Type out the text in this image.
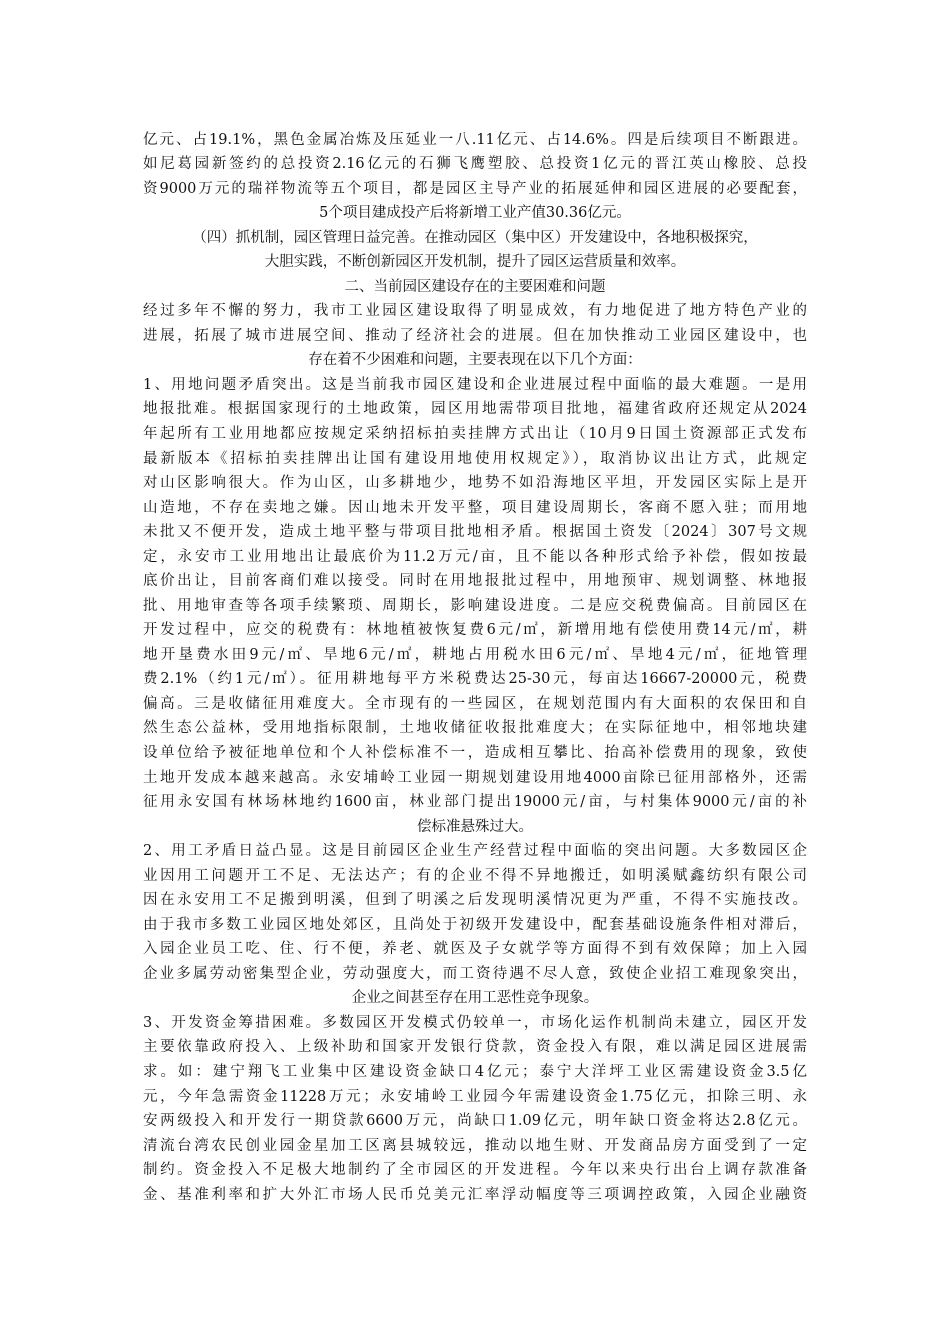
亿元、占19.1%，黑色金属冶炼及压延业一八.11亿元、占14.6%。四是后续项目不断跟进。
如尼葛园新签约的总投资2.16亿元的石狮飞鹰塑胶、总投资1亿元的晋江英山橡胶、总投
资9000万元的瑞祥物流等五个项目，都是园区主导产业的拓展延伸和园区进展的必要配套，
5个项目建成投产后将新增工业产值30.36亿元。
（四）抓机制，园区管理日益完善。在推动园区（集中区）开发建设中，各地积极探究，
大胆实践，不断创新园区开发机制，提升了园区运营质量和效率。
二、当前园区建设存在的主要困难和问题
经过多年不懈的努力，我市工业园区建设取得了明显成效，有力地促进了地方特色产业的
进展，拓展了城市进展空间、推动了经济社会的进展。但在加快推动工业园区建设中，也
存在着不少困难和问题，主要表现在以下几个方面：
1、用地问题矛盾突出。这是当前我市园区建设和企业进展过程中面临的最大难题。一是用
地报批难。根据国家现行的土地政策，园区用地需带项目批地，福建省政府还规定从2024
年起所有工业用地都应按规定采纳招标拍卖挂牌方式出让（10月9日国土资源部正式发布
最新版本《招标拍卖挂牌出让国有建设用地使用权规定》），取消协议出让方式，此规定
对山区影响很大。作为山区，山多耕地少，地势不如沿海地区平坦，开发园区实际上是开
山造地，不存在卖地之嫌。因山地未开发平整，项目建设周期长，客商不愿入驻；而用地
未批又不便开发，造成土地平整与带项目批地相矛盾。根据国土资发〔2024〕307号文规
定，永安市工业用地出让最底价为11.2万元/亩，且不能以各种形式给予补偿，假如按最
底价出让，目前客商们难以接受。同时在用地报批过程中，用地预审、规划调整、林地报
批、用地审查等各项手续繁琐、周期长，影响建设进度。二是应交税费偏高。目前园区在
开发过程中，应交的税费有：林地植被恢复费6元/㎡，新增用地有偿使用费14元/㎡，耕
地开垦费水田9元/㎡、旱地6元/㎡，耕地占用税水田6元/㎡、旱地4元/㎡，征地管理
费2.1%（约1元/㎡）。征用耕地每平方米税费达25-30元，每亩达16667-20000元，税费
偏高。三是收储征用难度大。全市现有的一些园区，在规划范围内有大面积的农保田和自
然生态公益林，受用地指标限制，土地收储征收报批难度大；在实际征地中，相邻地块建
设单位给予被征地单位和个人补偿标准不一，造成相互攀比、抬高补偿费用的现象，致使
土地开发成本越来越高。永安埔岭工业园一期规划建设用地4000亩除已征用部格外，还需
征用永安国有林场林地约1600亩，林业部门提出19000元/亩，与村集体9000元/亩的补
偿标准悬殊过大。
2、用工矛盾日益凸显。这是目前园区企业生产经营过程中面临的突出问题。大多数园区企
业因用工问题开工不足、无法达产；有的企业不得不异地搬迁，如明溪赋鑫纺织有限公司
因在永安用工不足搬到明溪，但到了明溪之后发现明溪情况更为严重，不得不实施技改。
由于我市多数工业园区地处郊区，且尚处于初级开发建设中，配套基础设施条件相对滞后，
入园企业员工吃、住、行不便，养老、就医及子女就学等方面得不到有效保障；加上入园
企业多属劳动密集型企业，劳动强度大，而工资待遇不尽人意，致使企业招工难现象突出，
企业之间甚至存在用工恶性竞争现象。
3、开发资金筹措困难。多数园区开发模式仍较单一，市场化运作机制尚未建立，园区开发
主要依靠政府投入、上级补助和国家开发银行贷款，资金投入有限，难以满足园区进展需
求。如：建宁翔飞工业集中区建设资金缺口4亿元；泰宁大洋坪工业区需建设资金3.5亿
元，今年急需资金11228万元；永安埔岭工业园今年需建设资金1.75亿元，扣除三明、永
安两级投入和开发行一期贷款6600万元，尚缺口1.09亿元，明年缺口资金将达2.8亿元。
清流台湾农民创业园金星加工区离县城较远，推动以地生财、开发商品房方面受到了一定
制约。资金投入不足极大地制约了全市园区的开发进程。今年以来央行出台上调存款准备
金、基准利率和扩大外汇市场人民币兑美元汇率浮动幅度等三项调控政策，入园企业融资
